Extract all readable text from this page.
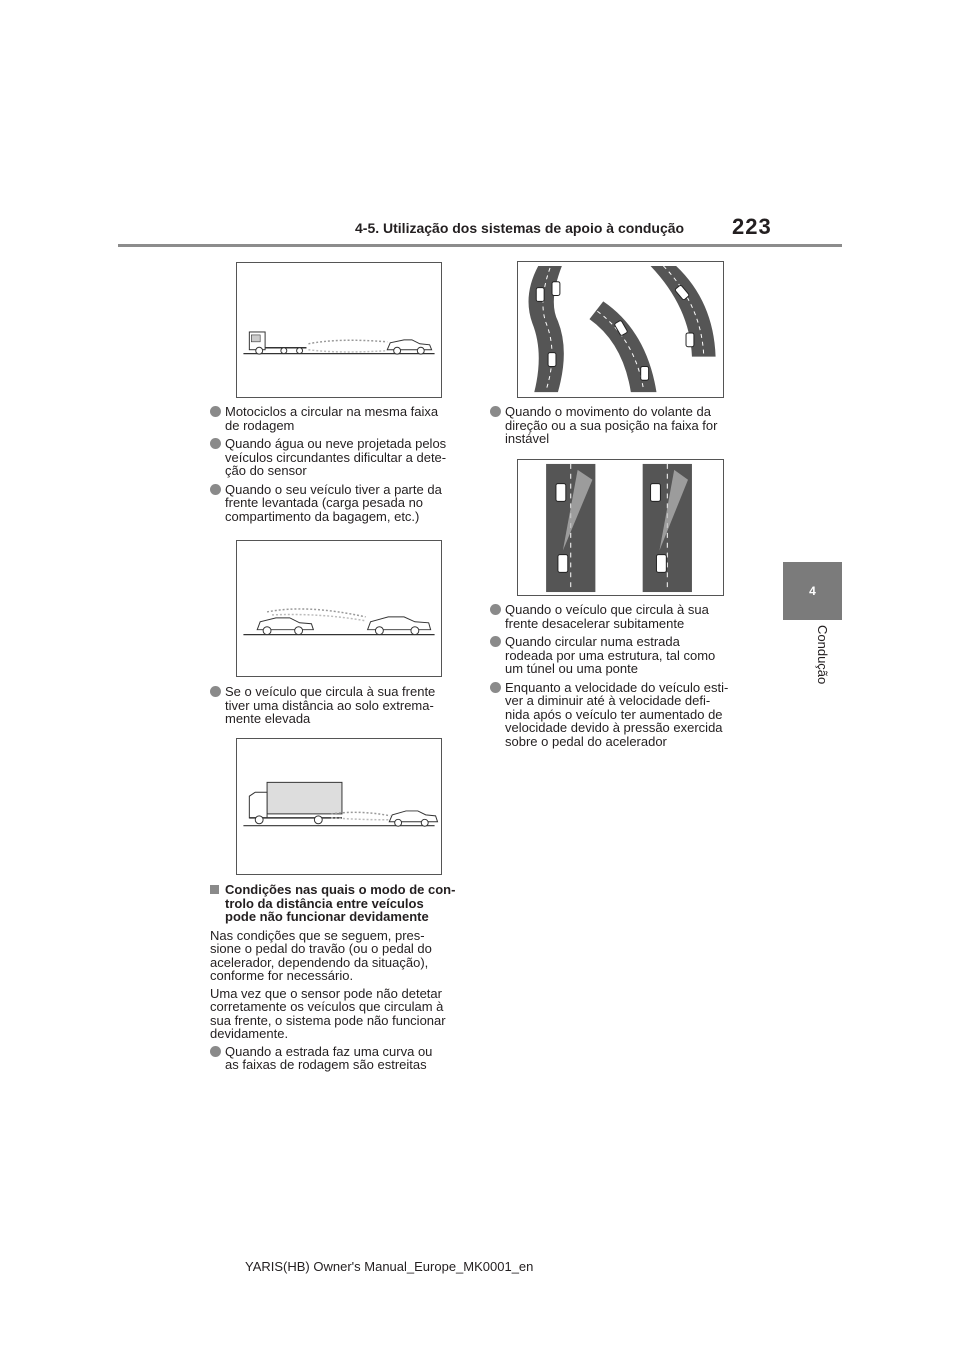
4-5. Utilização dos sistemas de apoio à condução 223
4
Condução
Motociclos a circular na mesma faixa
de rodagem
Quando água ou neve projetada pelos
veículos circundantes dificultar a dete-
ção do sensor
Quando o seu veículo tiver a parte da
frente levantada (carga pesada no
compartimento da bagagem, etc.)
Se o veículo que circula à sua frente
tiver uma distância ao solo extrema-
mente elevada
Condições nas quais o modo de con-
trolo da distância entre veículos
pode não funcionar devidamente
Nas condições que se seguem, pres-
sione o pedal do travão (ou o pedal do
acelerador, dependendo da situação),
conforme for necessário.
Uma vez que o sensor pode não detetar
corretamente os veículos que circulam à
sua frente, o sistema pode não funcionar
devidamente.
Quando a estrada faz uma curva ou
as faixas de rodagem são estreitas
Quando o movimento do volante da
direção ou a sua posição na faixa for
instável
Quando o veículo que circula à sua
frente desacelerar subitamente
Quando circular numa estrada
rodeada por uma estrutura, tal como
um túnel ou uma ponte
Enquanto a velocidade do veículo esti-
ver a diminuir até à velocidade defi-
nida após o veículo ter aumentado de
velocidade devido à pressão exercida
sobre o pedal do acelerador
YARIS(HB) Owner's Manual_Europe_MK0001_en
